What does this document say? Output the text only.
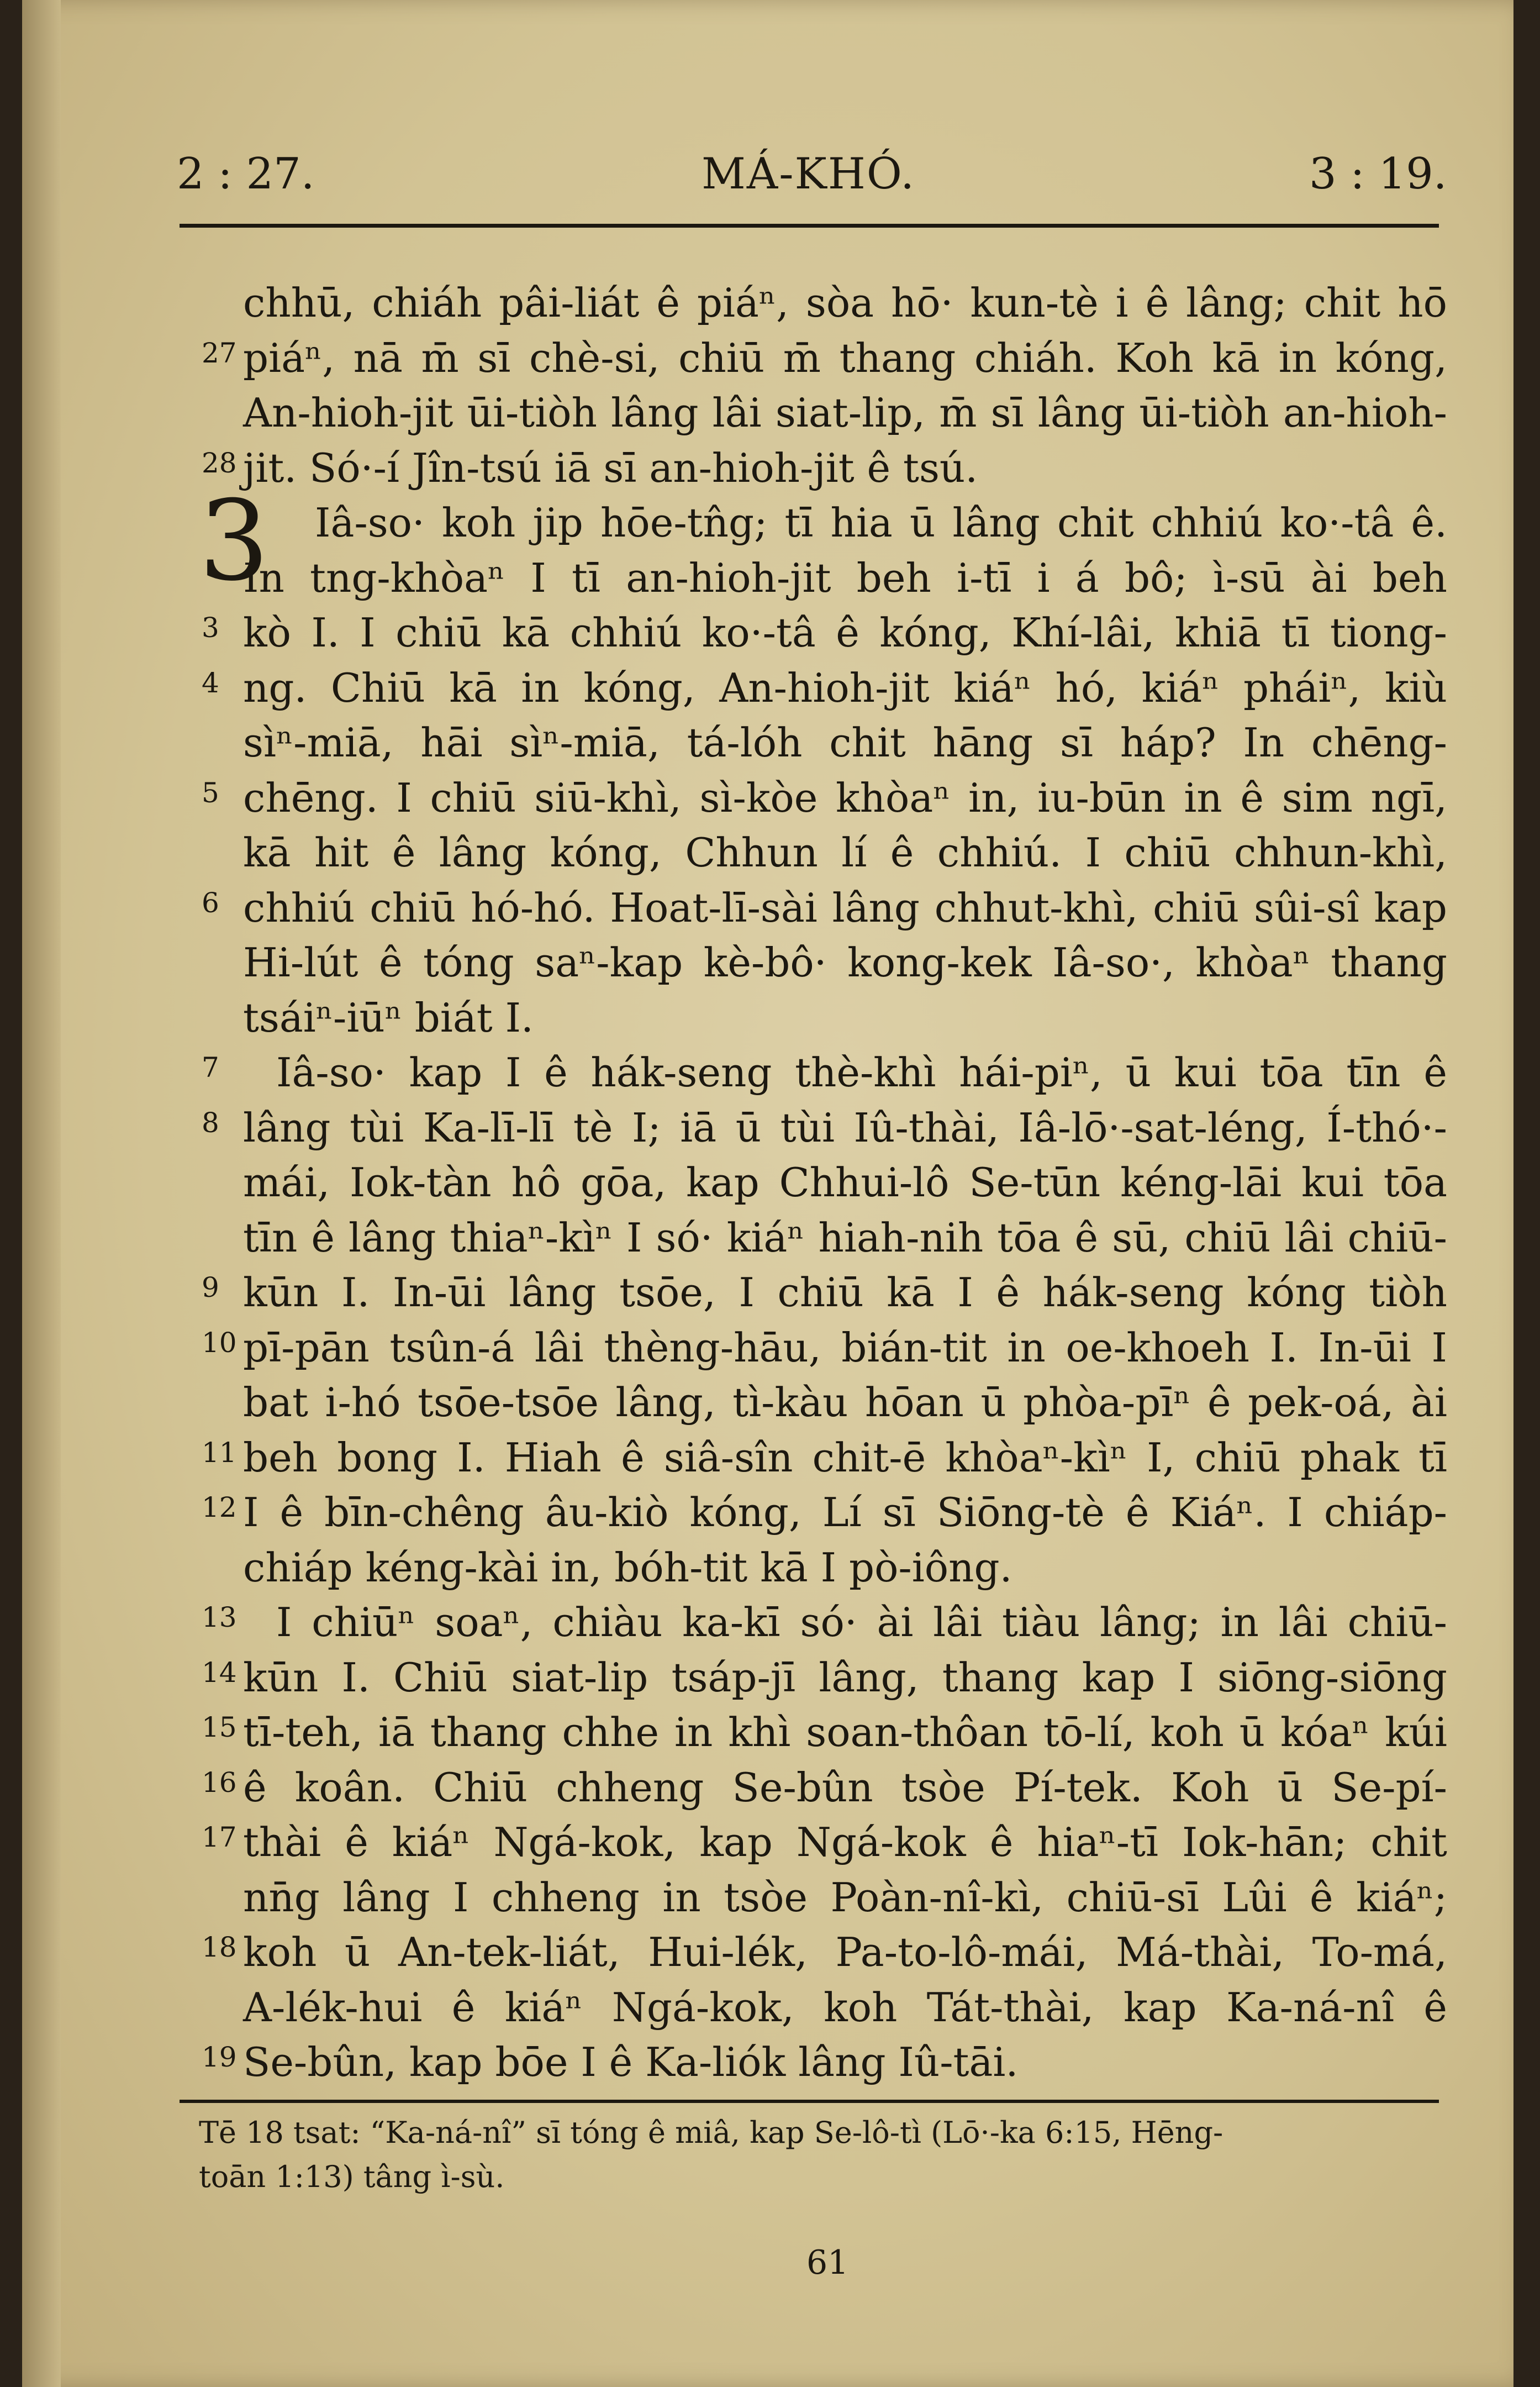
2 : 27.	MÁ-KHÓ.	3 : 19.
3
chhū, chiáh pâi-liát ê piáⁿ, sòa hō· kun-tè i ê lâng; chit hō
27 piáⁿ, nā m̄ sī chè-si, chiū m̄ thang chiáh. Koh kā in kóng,
An-hioh-jit ūi-tiòh lâng lâi siat-lip, m̄ sī lâng ūi-tiòh an-hioh-
28 jit. Só·-í Jîn-tsú iā sī an-hioh-jit ê tsú.
Iâ-so· koh jip hōe-tn̂g; tī hia ū lâng chit chhiú ko·-tâ ê.
In tng-khòaⁿ I tī an-hioh-jit beh i-tī i á bô; ì-sū ài beh
3 kò I. I chiū kā chhiú ko·-tâ ê kóng, Khí-lâi, khiā tī tiong-
4 ng. Chiū kā in kóng, An-hioh-jit kiáⁿ hó, kiáⁿ pháiⁿ, kiù
sìⁿ-miā, hāi sìⁿ-miā, tá-lóh chit hāng sī háp? In chēng-
5 chēng. I chiū siū-khì, sì-kòe khòaⁿ in, iu-būn in ê sim ngī,
kā hit ê lâng kóng, Chhun lí ê chhiú. I chiū chhun-khì,
6 chhiú chiū hó-hó. Hoat-lī-sài lâng chhut-khì, chiū sûi-sî kap
Hi-lút ê tóng saⁿ-kap kè-bô· kong-kek Iâ-so·, khòaⁿ thang
tsáiⁿ-iūⁿ biát I.
7 Iâ-so· kap I ê hák-seng thè-khì hái-piⁿ, ū kui tōa tīn ê
8 lâng tùi Ka-lī-lī tè I; iā ū tùi Iû-thài, Iâ-lō·-sat-léng, Í-thó·-
mái, Iok-tàn hô gōa, kap Chhui-lô Se-tūn kéng-lāi kui tōa
tīn ê lâng thiaⁿ-kìⁿ I só· kiáⁿ hiah-nih tōa ê sū, chiū lâi chiū-
9 kūn I. In-ūi lâng tsōe, I chiū kā I ê hák-seng kóng tiòh
10 pī-pān tsûn-á lâi thèng-hāu, bián-tit in oe-khoeh I. In-ūi I
bat i-hó tsōe-tsōe lâng, tì-kàu hōan ū phòa-pīⁿ ê pek-oá, ài
11 beh bong I. Hiah ê siâ-sîn chit-ē khòaⁿ-kìⁿ I, chiū phak tī
12 I ê bīn-chêng âu-kiò kóng, Lí sī Siōng-tè ê Kiáⁿ. I chiáp-
chiáp kéng-kài in, bóh-tit kā I pò-iông.
13 I chiūⁿ soaⁿ, chiàu ka-kī só· ài lâi tiàu lâng; in lâi chiū-
14 kūn I. Chiū siat-lip tsáp-jī lâng, thang kap I siōng-siōng
15 tī-teh, iā thang chhe in khì soan-thôan tō-lí, koh ū kóaⁿ kúi
16 ê koân. Chiū chheng Se-bûn tsòe Pí-tek. Koh ū Se-pí-
17 thài ê kiáⁿ Ngá-kok, kap Ngá-kok ê hiaⁿ-tī Iok-hān; chit
nn̄g lâng I chheng in tsòe Poàn-nî-kì, chiū-sī Lûi ê kiáⁿ;
18 koh ū An-tek-liát, Hui-lék, Pa-to-lô-mái, Má-thài, To-má,
A-lék-hui ê kiáⁿ Ngá-kok, koh Tát-thài, kap Ka-ná-nî ê
19 Se-bûn, kap bōe I ê Ka-liók lâng Iû-tāi.
Tē 18 tsat: “Ka-ná-nî” sī tóng ê miâ, kap Se-lô-tì (Lō·-ka 6:15, Hēng-
toān 1:13) tâng ì-sù.
61
